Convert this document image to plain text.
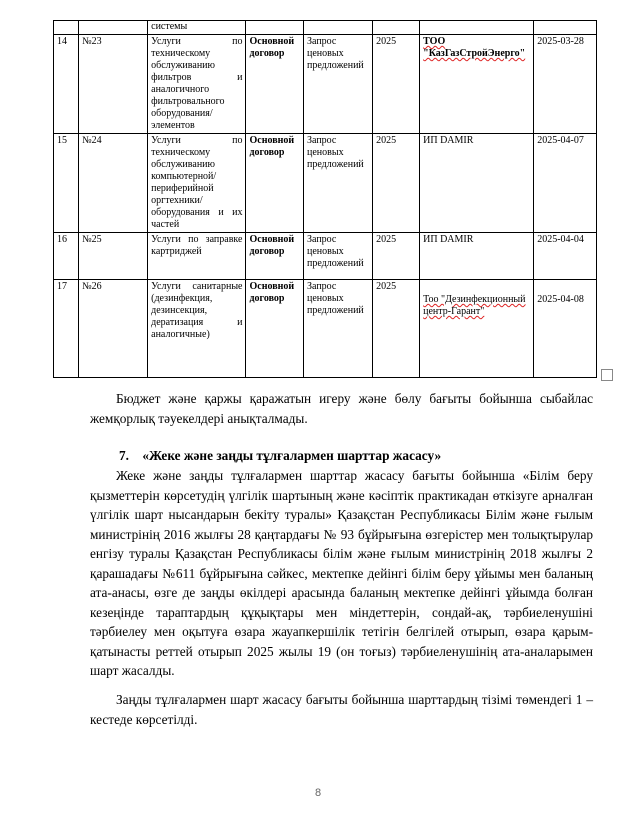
		системы					
14	№23	Услуги по техническому обслуживанию фильтров и аналогичного фильтровального оборудования/элементов	Основной договор	Запрос ценовых предложений	2025	ТОО "КазГазСтройЭнерго"	2025-03-28
15	№24	Услуги по техническому обслуживанию компьютерной/периферийной оргтехники/оборудования и их частей	Основной договор	Запрос ценовых предложений	2025	ИП DAMIR	2025-04-07
16	№25	Услуги по заправке картриджей	Основной договор	Запрос ценовых предложений	2025	ИП DAMIR	2025-04-04
17	№26	Услуги санитарные (дезинфекция, дезинсекция, дератизация и аналогичные)	Основной договор	Запрос ценовых предложений	2025	Тоо "Дезинфекционный центр-Гарант"	2025-04-08

Бюджет және қаржы қаражатын игеру және бөлу бағыты бойынша сыбайлас жемқорлық тәуекелдері анықталмады.

7. «Жеке және заңды тұлғалармен шарттар жасасу»

Жеке және заңды тұлғалармен шарттар жасасу бағыты бойынша «Білім беру қызметтерін көрсетудің үлгілік шартының және кәсіптік практикадан өткізуге арналған үлгілік шарт нысандарын бекіту туралы» Қазақстан Республикасы Білім және ғылым министрінің 2016 жылғы 28 қаңтардағы № 93 бұйрығына өзгерістер мен толықтырулар енгізу туралы Қазақстан Республикасы білім және ғылым министрінің 2018 жылғы 2 қарашадағы №611 бұйрығына сәйкес, мектепке дейінгі білім беру ұйымы мен баланың ата-анасы, өзге де заңды өкілдері арасында баланың мектепке дейінгі ұйымда болған кезеңінде тараптардың құқықтары мен міндеттерін, сондай-ақ, тәрбиеленушіні тәрбиелеу мен оқытуға өзара жауапкершілік тетігін белгілей отырып, өзара қарым-қатынасты реттей отырып 2025 жылы 19 (он тоғыз) тәрбиеленушінің ата-аналарымен шарт жасалды.

Заңды тұлғалармен шарт жасасу бағыты бойынша шарттардың тізімі төмендегі 1 – кестеде көрсетілді.

8
